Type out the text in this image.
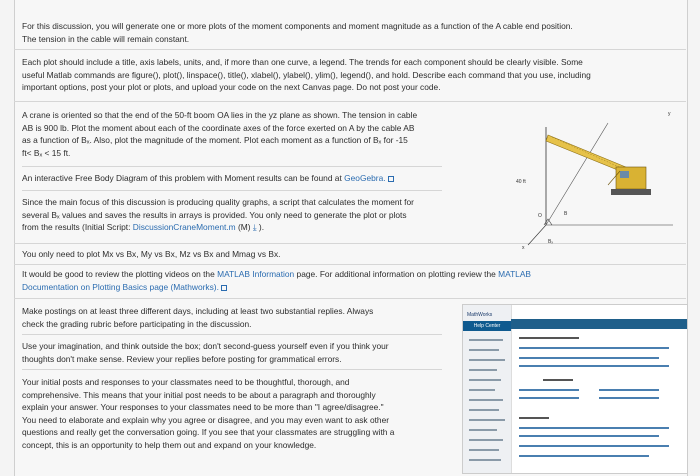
For this discussion, you will generate one or more plots of the moment components and moment magnitude as a function of the A cable end position.
The tension in the cable will remain constant.
Each plot should include a title, axis labels, units, and, if more than one curve, a legend. The trends for each component should be clearly visible. Some
useful Matlab commands are figure(), plot(), linspace(), title(), xlabel(), ylabel(), ylim(), legend(), and hold. Describe each command that you use, including
important options, post your plot or plots, and upload your code on the next Canvas page. Do not post your code.
A crane is oriented so that the end of the 50-ft boom OA lies in the yz plane as shown. The tension in cable
AB is 900 lb. Plot the moment about each of the coordinate axes of the force exerted on A by the cable AB
as a function of Bₓ. Also, plot the magnitude of the moment. Plot each moment as a function of Bₓ for -15
ft< Bₓ < 15 ft.
An interactive Free Body Diagram of this problem with Moment results can be found at GeoGebra.
Since the main focus of this discussion is producing quality graphs, a script that calculates the moment for
several Bₓ values and saves the results in arrays is provided. You only need to generate the plot or plots
from the results (Initial Script: DiscussionCraneMoment.m (M) ⤓ ).
You only need to plot Mx vs Bx, My vs Bx, Mz vs Bx and Mmag vs Bx.
It would be good to review the plotting videos on the MATLAB Information page. For additional information on plotting review the MATLAB
Documentation on Plotting Basics page (Mathworks).
Make postings on at least three different days, including at least two substantial replies. Always
check the grading rubric before participating in the discussion.
Use your imagination, and think outside the box; don't second-guess yourself even if you think your
thoughts don't make sense. Review your replies before posting for grammatical errors.
Your initial posts and responses to your classmates need to be thoughtful, thorough, and
comprehensive. This means that your initial post needs to be about a paragraph and thoroughly
explain your answer. Your responses to your classmates need to be more than "I agree/disagree."
You need to elaborate and explain why you agree or disagree, and you may even want to ask other
questions and really get the conversation going. If you see that your classmates are struggling with a
concept, this is an opportunity to help them out and expand on your knowledge.
40 ft
y
x
B
Bₓ
O
MathWorks
Help Center
